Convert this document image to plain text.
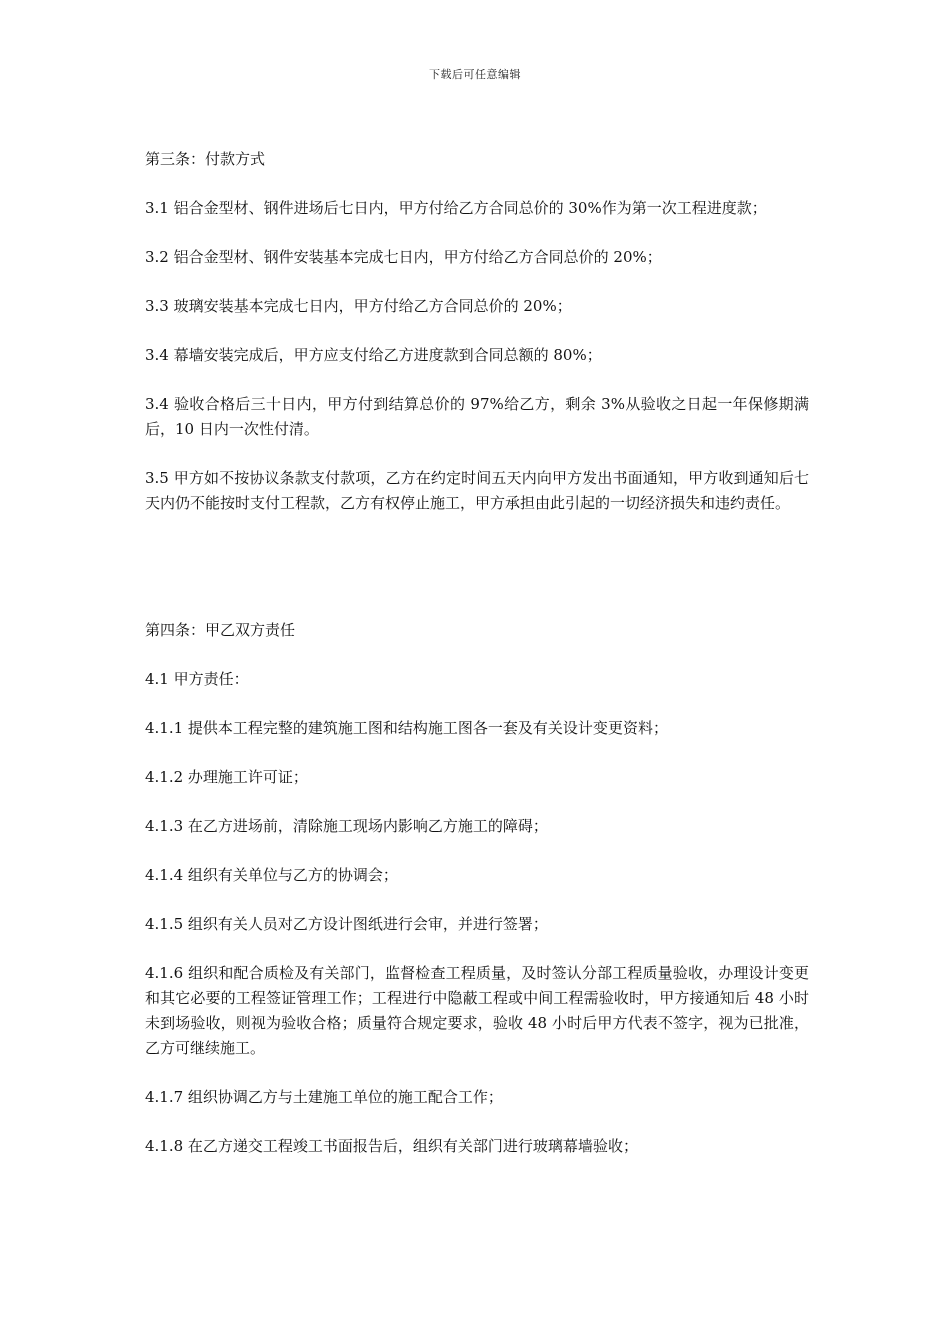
下载后可任意编辑
第三条：付款方式

3.1 铝合金型材、钢件进场后七日内，甲方付给乙方合同总价的 30%作为第一次工程进度款；

3.2 铝合金型材、钢件安装基本完成七日内，甲方付给乙方合同总价的 20%；

3.3 玻璃安装基本完成七日内，甲方付给乙方合同总价的 20%；

3.4 幕墙安装完成后，甲方应支付给乙方进度款到合同总额的 80%；

3.4 验收合格后三十日内，甲方付到结算总价的 97%给乙方，剩余 3%从验收之日起一年保修期满后，10 日内一次性付清。

3.5 甲方如不按协议条款支付款项，乙方在约定时间五天内向甲方发出书面通知，甲方收到通知后七天内仍不能按时支付工程款，乙方有权停止施工，甲方承担由此引起的一切经济损失和违约责任。

第四条：甲乙双方责任

4.1 甲方责任：

4.1.1 提供本工程完整的建筑施工图和结构施工图各一套及有关设计变更资料；

4.1.2 办理施工许可证；

4.1.3 在乙方进场前，清除施工现场内影响乙方施工的障碍；

4.1.4 组织有关单位与乙方的协调会；

4.1.5 组织有关人员对乙方设计图纸进行会审，并进行签署；

4.1.6 组织和配合质检及有关部门，监督检查工程质量，及时签认分部工程质量验收，办理设计变更和其它必要的工程签证管理工作；工程进行中隐蔽工程或中间工程需验收时，甲方接通知后 48 小时未到场验收，则视为验收合格；质量符合规定要求，验收 48 小时后甲方代表不签字，视为已批准，乙方可继续施工。

4.1.7 组织协调乙方与土建施工单位的施工配合工作；

4.1.8 在乙方递交工程竣工书面报告后，组织有关部门进行玻璃幕墙验收；
